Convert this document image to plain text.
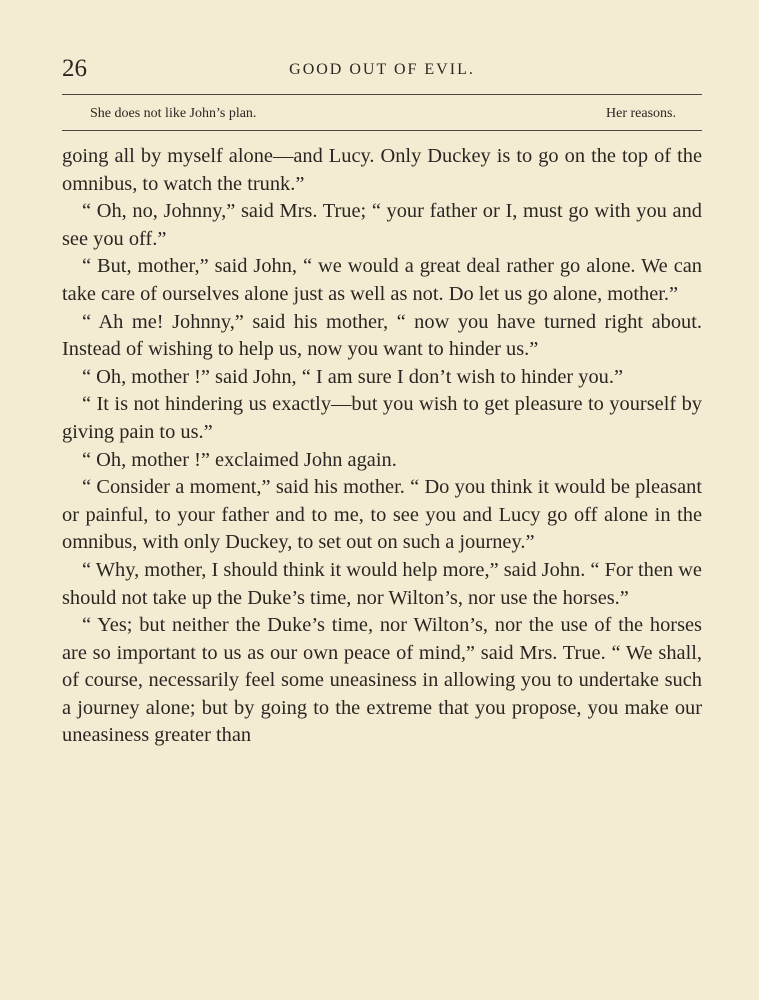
26	GOOD OUT OF EVIL.
She does not like John’s plan.	Her reasons.

going all by myself alone—and Lucy. Only Duckey is to go on the top of the omnibus, to watch the trunk.”

“ Oh, no, Johnny,” said Mrs. True; “ your father or I, must go with you and see you off.”

“ But, mother,” said John, “ we would a great deal rather go alone. We can take care of ourselves alone just as well as not. Do let us go alone, mother.”

“ Ah me! Johnny,” said his mother, “ now you have turned right about. Instead of wishing to help us, now you want to hinder us.”

“ Oh, mother !” said John, “ I am sure I don’t wish to hinder you.”

“ It is not hindering us exactly—but you wish to get pleasure to yourself by giving pain to us.”

“ Oh, mother !” exclaimed John again.

“ Consider a moment,” said his mother. “ Do you think it would be pleasant or painful, to your father and to me, to see you and Lucy go off alone in the omnibus, with only Duckey, to set out on such a journey.”

“ Why, mother, I should think it would help more,” said John. “ For then we should not take up the Duke’s time, nor Wilton’s, nor use the horses.”

“ Yes; but neither the Duke’s time, nor Wilton’s, nor the use of the horses are so important to us as our own peace of mind,” said Mrs. True. “ We shall, of course, necessarily feel some uneasiness in allowing you to undertake such a journey alone; but by going to the extreme that you propose, you make our uneasiness greater than
